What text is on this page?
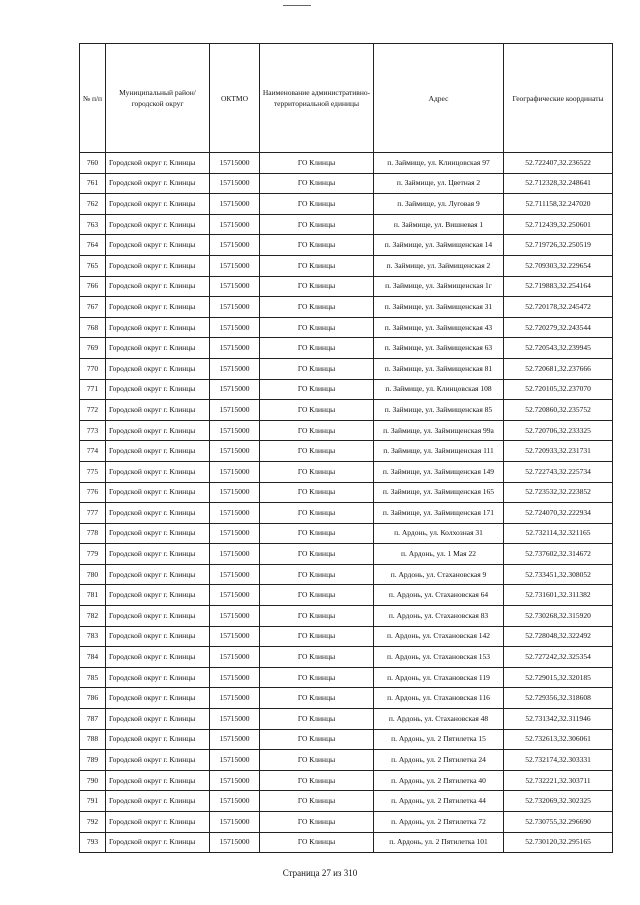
№ п/п	Муниципальный район/городской округ	ОКТМО	Наименование административно-территориальной единицы	Адрес	Географические координаты
760	Городской округ г. Клинцы	15715000	ГО Клинцы	п. Займище, ул. Клинцовская 97	52.722407,32.236522
761	Городской округ г. Клинцы	15715000	ГО Клинцы	п. Займище, ул. Цветная 2	52.712328,32.248641
762	Городской округ г. Клинцы	15715000	ГО Клинцы	п. Займище, ул. Луговая 9	52.711158,32.247020
763	Городской округ г. Клинцы	15715000	ГО Клинцы	п. Займище, ул. Вишневая 1	52.712439,32.250601
764	Городской округ г. Клинцы	15715000	ГО Клинцы	п. Займище, ул. Займищенская 14	52.719726,32.250519
765	Городской округ г. Клинцы	15715000	ГО Клинцы	п. Займище, ул. Займищенская 2	52.709303,32.229654
766	Городской округ г. Клинцы	15715000	ГО Клинцы	п. Займище, ул. Займищенская 1г	52.719883,32.254164
767	Городской округ г. Клинцы	15715000	ГО Клинцы	п. Займище, ул. Займищенская 31	52.720178,32.245472
768	Городской округ г. Клинцы	15715000	ГО Клинцы	п. Займище, ул. Займищенская 43	52.720279,32.243544
769	Городской округ г. Клинцы	15715000	ГО Клинцы	п. Займище, ул. Займищенская 63	52.720543,32.239945
770	Городской округ г. Клинцы	15715000	ГО Клинцы	п. Займище, ул. Займищенская 81	52.720681,32.237666
771	Городской округ г. Клинцы	15715000	ГО Клинцы	п. Займище, ул. Клинцовская 108	52.720105,32.237070
772	Городской округ г. Клинцы	15715000	ГО Клинцы	п. Займище, ул. Займищенская 85	52.720860,32.235752
773	Городской округ г. Клинцы	15715000	ГО Клинцы	п. Займище, ул. Займищенская 99а	52.720706,32.233325
774	Городской округ г. Клинцы	15715000	ГО Клинцы	п. Займище, ул. Займищенская 111	52.720933,32.231731
775	Городской округ г. Клинцы	15715000	ГО Клинцы	п. Займище, ул. Займищенская 149	52.722743,32.225734
776	Городской округ г. Клинцы	15715000	ГО Клинцы	п. Займище, ул. Займищенская 165	52.723532,32.223852
777	Городской округ г. Клинцы	15715000	ГО Клинцы	п. Займище, ул. Займищенская 171	52.724070,32.222934
778	Городской округ г. Клинцы	15715000	ГО Клинцы	п. Ардонь, ул. Колхозная 31	52.732114,32.321165
779	Городской округ г. Клинцы	15715000	ГО Клинцы	п. Ардонь, ул. 1 Мая 22	52.737602,32.314672
780	Городской округ г. Клинцы	15715000	ГО Клинцы	п. Ардонь, ул. Стахановская 9	52.733451,32.308052
781	Городской округ г. Клинцы	15715000	ГО Клинцы	п. Ардонь, ул. Стахановская 64	52.731601,32.311382
782	Городской округ г. Клинцы	15715000	ГО Клинцы	п. Ардонь, ул. Стахановская 83	52.730268,32.315920
783	Городской округ г. Клинцы	15715000	ГО Клинцы	п. Ардонь, ул. Стахановская 142	52.728048,32.322492
784	Городской округ г. Клинцы	15715000	ГО Клинцы	п. Ардонь, ул. Стахановская 153	52.727242,32.325354
785	Городской округ г. Клинцы	15715000	ГО Клинцы	п. Ардонь, ул. Стахановская 119	52.729015,32.320185
786	Городской округ г. Клинцы	15715000	ГО Клинцы	п. Ардонь, ул. Стахановская 116	52.729356,32.318608
787	Городской округ г. Клинцы	15715000	ГО Клинцы	п. Ардонь, ул. Стахановская 48	52.731342,32.311946
788	Городской округ г. Клинцы	15715000	ГО Клинцы	п. Ардонь, ул. 2 Пятилетка 15	52.732613,32.306061
789	Городской округ г. Клинцы	15715000	ГО Клинцы	п. Ардонь, ул. 2 Пятилетка 24	52.732174,32.303331
790	Городской округ г. Клинцы	15715000	ГО Клинцы	п. Ардонь, ул. 2 Пятилетка 40	52.732221,32.303711
791	Городской округ г. Клинцы	15715000	ГО Клинцы	п. Ардонь, ул. 2 Пятилетка 44	52.732069,32.302325
792	Городской округ г. Клинцы	15715000	ГО Клинцы	п. Ардонь, ул. 2 Пятилетка 72	52.730755,32.296690
793	Городской округ г. Клинцы	15715000	ГО Клинцы	п. Ардонь, ул. 2 Пятилетка 101	52.730120,32.295165
Страница 27 из 310
